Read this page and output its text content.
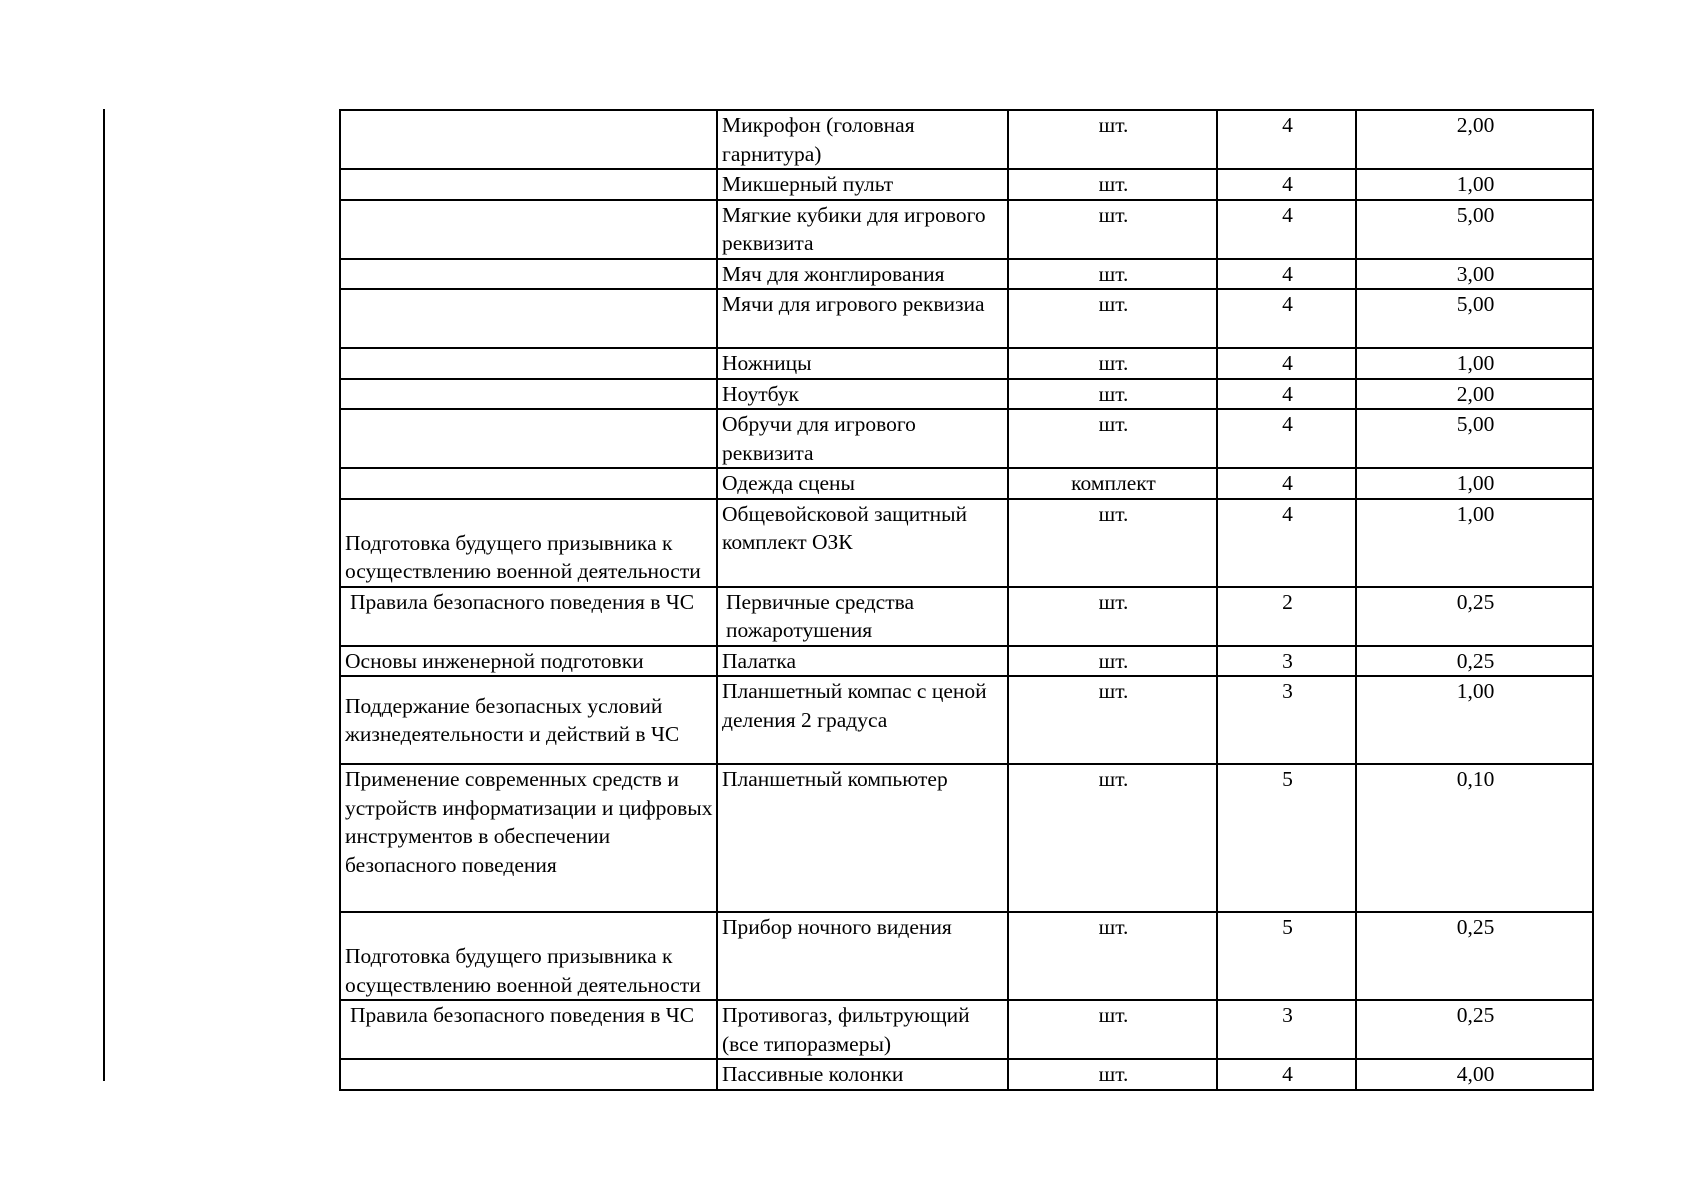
	Микрофон (головная гарнитура)	шт.	4	2,00
	Микшерный пульт	шт.	4	1,00
	Мягкие кубики для игрового реквизита	шт.	4	5,00
	Мяч для жонглирования	шт.	4	3,00
	Мячи для игрового реквизиа	шт.	4	5,00
	Ножницы	шт.	4	1,00
	Ноутбук	шт.	4	2,00
	Обручи для игрового реквизита	шт.	4	5,00
	Одежда сцены	комплект	4	1,00
Подготовка будущего призывника к осуществлению военной деятельности	Общевойсковой защитный комплект ОЗК	шт.	4	1,00
Правила безопасного поведения в ЧС	Первичные средства пожаротушения	шт.	2	0,25
Основы инженерной подготовки	Палатка	шт.	3	0,25
Поддержание безопасных условий жизнедеятельности и действий в ЧС	Планшетный компас с ценой деления 2 градуса	шт.	3	1,00
Применение современных средств и устройств информатизации и цифровых инструментов в обеспечении безопасного поведения	Планшетный компьютер	шт.	5	0,10
Подготовка будущего призывника к осуществлению военной деятельности	Прибор ночного видения	шт.	5	0,25
Правила безопасного поведения в ЧС	Противогаз, фильтрующий (все типоразмеры)	шт.	3	0,25
	Пассивные колонки	шт.	4	4,00
